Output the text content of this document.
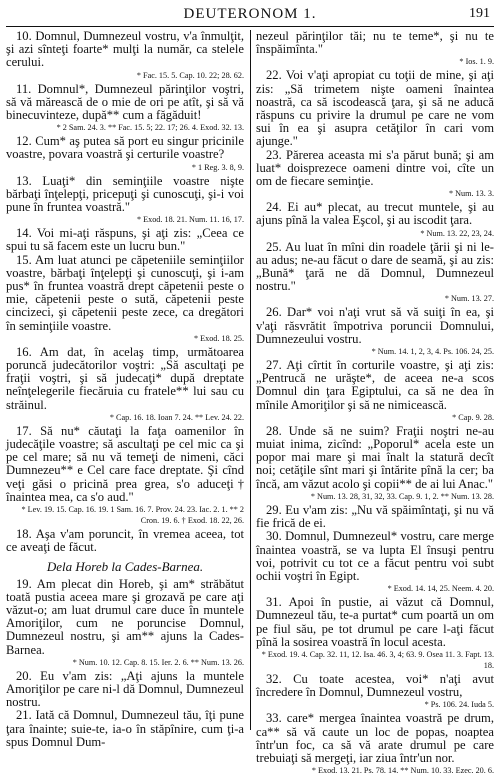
DEUTERONOM 1.	191

10. Domnul, Dumnezeul vostru, v'a înmulţit, şi azi sînteţi foarte* mulţi la număr, ca stelele cerului.

* Fac. 15. 5. Cap. 10. 22; 28. 62.

11. Domnul*, Dumnezeul părinţilor voştri, să vă mărească de o mie de ori pe atît, şi să vă binecuvinteze, după** cum a făgăduit!

* 2 Sam. 24. 3. ** Fac. 15. 5; 22. 17; 26. 4. Exod. 32. 13.

12. Cum* aş putea să port eu singur pricinile voastre, povara voastră şi certurile voastre?

* 1 Reg. 3. 8, 9.

13. Luaţi* din seminţiile voastre nişte bărbaţi înţelepţi, pricepuţi şi cunoscuţi, şi-i voi pune în fruntea voastră."

* Exod. 18. 21. Num. 11. 16, 17.

14. Voi mi-aţi răspuns, şi aţi zis: „Ceea ce spui tu să facem este un lucru bun."

15. Am luat atunci pe căpeteniile seminţiilor voastre, bărbaţi înţelepţi şi cunoscuţi, şi i-am pus* în fruntea voastră drept căpetenii peste o mie, căpetenii peste o sută, căpetenii peste cincizeci, şi căpetenii peste zece, ca dregători în seminţiile voastre.

* Exod. 18. 25.

16. Am dat, în acelaş timp, următoarea poruncă judecătorilor voştri: „Să ascultaţi pe fraţii voştri, şi să judecaţi* după dreptate neînţelegerile fiecăruia cu fratele** lui sau cu străinul.

* Cap. 16. 18. Ioan 7. 24. ** Lev. 24. 22.

17. Să nu* căutaţi la faţa oamenilor în judecăţile voastre; să ascultaţi pe cel mic ca şi pe cel mare; să nu vă temeţi de nimeni, căci Dumnezeu** e Cel care face dreptate. Şi cînd veţi găsi o pricină prea grea, s'o aduceţi† înaintea mea, ca s'o aud."

* Lev. 19. 15. Cap. 16. 19. 1 Sam. 16. 7. Prov. 24. 23. Iac. 2. 1. ** 2 Cron. 19. 6. † Exod. 18. 22, 26.

18. Aşa v'am poruncit, în vremea aceea, tot ce aveaţi de făcut.

Dela Horeb la Cades-Barnea.

19. Am plecat din Horeb, şi am* străbătut toată pustia aceea mare şi grozavă pe care aţi văzut-o; am luat drumul care duce în muntele Amoriţilor, cum ne poruncise Domnul, Dumnezeul nostru, şi am** ajuns la Cades-Barnea.

* Num. 10. 12. Cap. 8. 15. Ier. 2. 6. ** Num. 13. 26.

20. Eu v'am zis: „Aţi ajuns la muntele Amoriţilor pe care ni-l dă Domnul, Dumnezeul nostru.

21. Iată că Domnul, Dumnezeul tău, îţi pune ţara înainte; suie-te, ia-o în stăpînire, cum ţi-a spus Domnul Dum-

nezeul părinţilor tăi; nu te teme*, şi nu te înspăimînta."

* Ios. 1. 9.

22. Voi v'aţi apropiat cu toţii de mine, şi aţi zis: „Să trimetem nişte oameni înaintea noastră, ca să iscodească ţara, şi să ne aducă răspuns cu privire la drumul pe care ne vom sui în ea şi asupra cetăţilor în cari vom ajunge."

23. Părerea aceasta mi s'a părut bună; şi am luat* doisprezece oameni dintre voi, cîte un om de fiecare seminţie.

* Num. 13. 3.

24. Ei au* plecat, au trecut muntele, şi au ajuns pînă la valea Eşcol, şi au iscodit ţara.

* Num. 13. 22, 23, 24.

25. Au luat în mîni din roadele ţării şi ni le-au adus; ne-au făcut o dare de seamă, şi au zis: „Bună* ţară ne dă Domnul, Dumnezeul nostru."

* Num. 13. 27.

26. Dar* voi n'aţi vrut să vă suiţi în ea, şi v'aţi răsvrătit împotriva poruncii Domnului, Dumnezeului vostru.

* Num. 14. 1, 2, 3, 4. Ps. 106. 24, 25.

27. Aţi cîrtit în corturile voastre, şi aţi zis: „Pentrucă ne urăşte*, de aceea ne-a scos Domnul din ţara Egiptului, ca să ne dea în mînile Amoriţilor şi să ne nimicească.

* Cap. 9. 28.

28. Unde să ne suim? Fraţii noştri ne-au muiat inima, zicînd: „Poporul* acela este un popor mai mare şi mai înalt la statură decît noi; cetăţile sînt mari şi întărite pînă la cer; ba încă, am văzut acolo şi copii** de ai lui Anac."

* Num. 13. 28, 31, 32, 33. Cap. 9. 1, 2. ** Num. 13. 28.

29. Eu v'am zis: „Nu vă spăimîntaţi, şi nu vă fie frică de ei.

30. Domnul, Dumnezeul* vostru, care merge înaintea voastră, se va lupta El însuşi pentru voi, potrivit cu tot ce a făcut pentru voi subt ochii voştri în Egipt.

* Exod. 14. 14, 25. Neem. 4. 20.

31. Apoi în pustie, ai văzut că Domnul, Dumnezeul tău, te-a purtat* cum poartă un om pe fiul său, pe tot drumul pe care l-aţi făcut pînă la sosirea voastră în locul acesta.

* Exod. 19. 4. Cap. 32. 11, 12. Isa. 46. 3, 4; 63. 9. Osea 11. 3. Fapt. 13. 18.

32. Cu toate acestea, voi* n'aţi avut încredere în Domnul, Dumnezeul vostru,

* Ps. 106. 24. Iuda 5.

33. care* mergea înaintea voastră pe drum, ca** să vă caute un loc de popas, noaptea într'un foc, ca să vă arate drumul pe care trebuiaţi să mergeţi, iar ziua într'un nor.

* Exod. 13. 21. Ps. 78. 14. ** Num. 10. 33. Ezec. 20. 6.
